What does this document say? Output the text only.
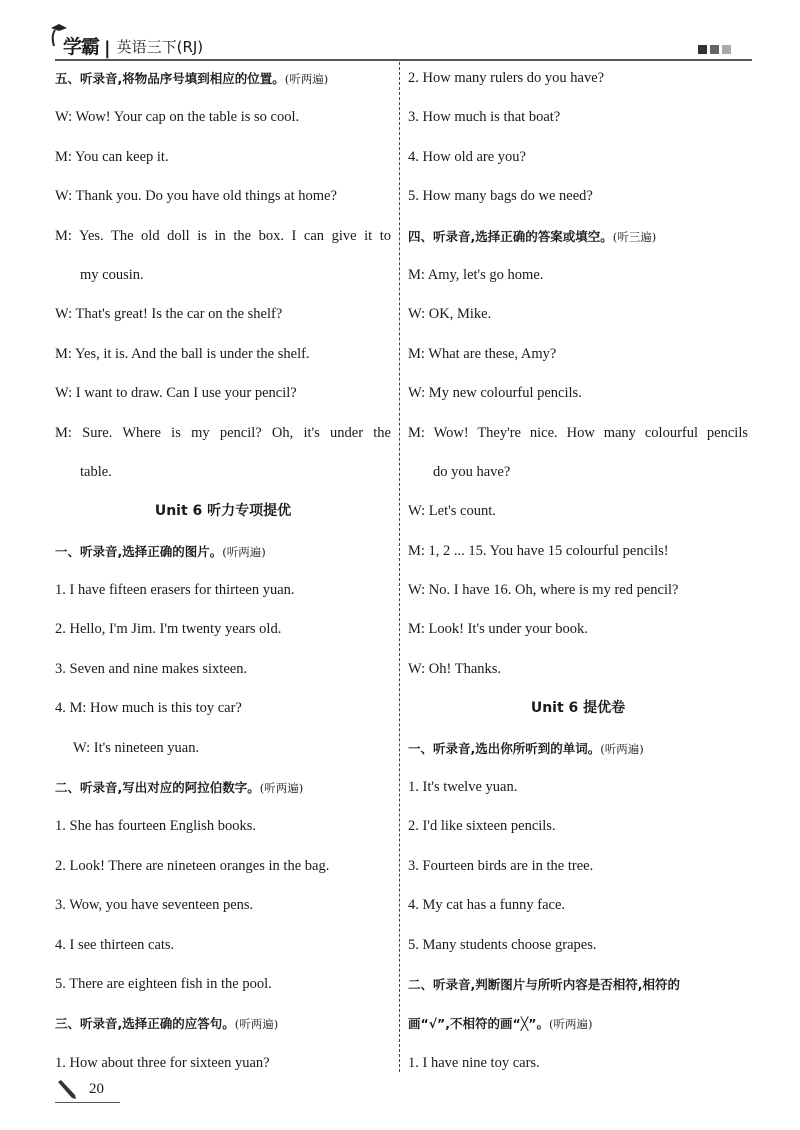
学霸 | 英语三下(RJ)
五、听录音,将物品序号填到相应的位置。(听两遍)
W: Wow! Your cap on the table is so cool.
M: You can keep it.
W: Thank you. Do you have old things at home?
M: Yes. The old doll is in the box. I can give it to
my cousin.
W: That's great! Is the car on the shelf?
M: Yes, it is. And the ball is under the shelf.
W: I want to draw. Can I use your pencil?
M: Sure. Where is my pencil? Oh, it's under the
table.
Unit 6 听力专项提优
一、听录音,选择正确的图片。(听两遍)
1. I have fifteen erasers for thirteen yuan.
2. Hello, I'm Jim. I'm twenty years old.
3. Seven and nine makes sixteen.
4. M: How much is this toy car?
W: It's nineteen yuan.
二、听录音,写出对应的阿拉伯数字。(听两遍)
1. She has fourteen English books.
2. Look! There are nineteen oranges in the bag.
3. Wow, you have seventeen pens.
4. I see thirteen cats.
5. There are eighteen fish in the pool.
三、听录音,选择正确的应答句。(听两遍)
1. How about three for sixteen yuan?
2. How many rulers do you have?
3. How much is that boat?
4. How old are you?
5. How many bags do we need?
四、听录音,选择正确的答案或填空。(听三遍)
M: Amy, let's go home.
W: OK, Mike.
M: What are these, Amy?
W: My new colourful pencils.
M: Wow! They're nice. How many colourful pencils
do you have?
W: Let's count.
M: 1, 2 ... 15. You have 15 colourful pencils!
W: No. I have 16. Oh, where is my red pencil?
M: Look! It's under your book.
W: Oh! Thanks.
Unit 6 提优卷
一、听录音,选出你所听到的单词。(听两遍)
1. It's twelve yuan.
2. I'd like sixteen pencils.
3. Fourteen birds are in the tree.
4. My cat has a funny face.
5. Many students choose grapes.
二、听录音,判断图片与所听内容是否相符,相符的
画“√”,不相符的画“╳”。(听两遍)
1. I have nine toy cars.
20
